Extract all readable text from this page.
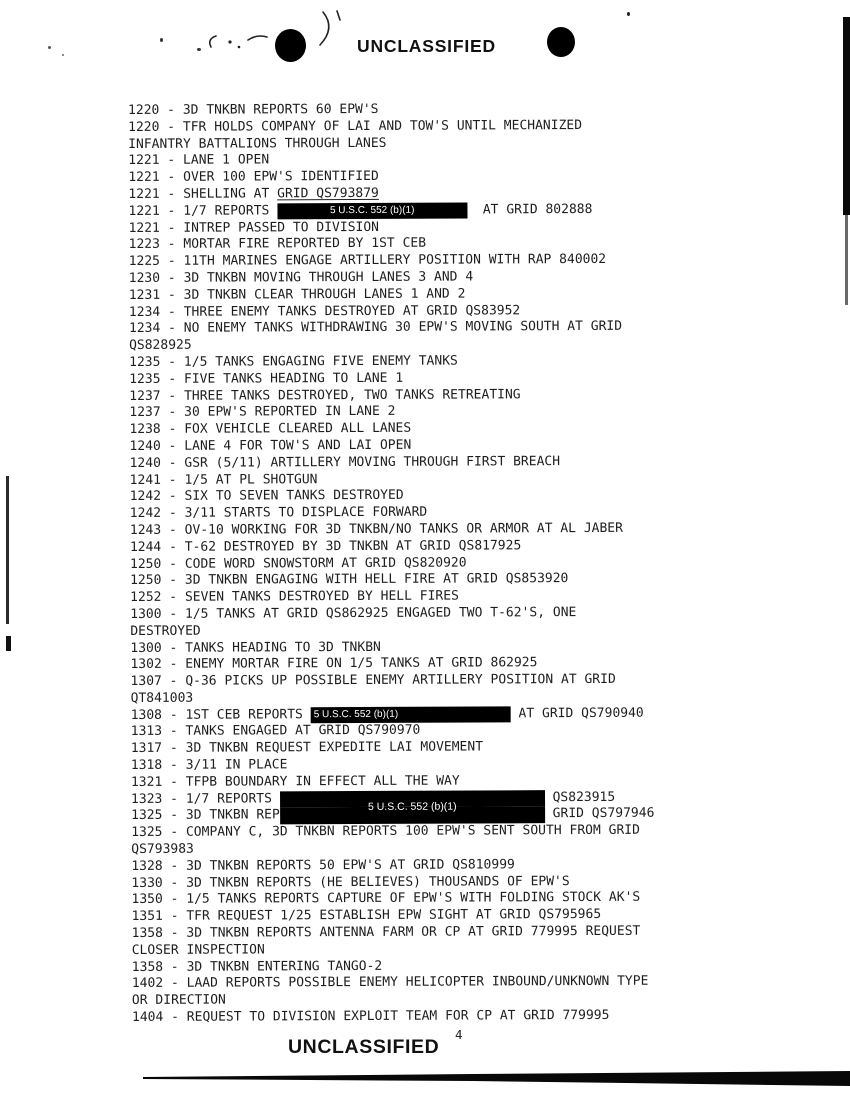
UNCLASSIFIED
1220 - 3D TNKBN REPORTS 60 EPW'S
1220 - TFR HOLDS COMPANY OF LAI AND TOW'S UNTIL MECHANIZED
INFANTRY BATTALIONS THROUGH LANES
1221 - LANE 1 OPEN
1221 - OVER 100 EPW'S IDENTIFIED
1221 - SHELLING AT GRID QS793879
1221 - 1/7 REPORTS	5 U.S.C. 552 (b)(1)	AT GRID 802888
1221 - INTREP PASSED TO DIVISION
1223 - MORTAR FIRE REPORTED BY 1ST CEB
1225 - 11TH MARINES ENGAGE ARTILLERY POSITION WITH RAP 840002
1230 - 3D TNKBN MOVING THROUGH LANES 3 AND 4
1231 - 3D TNKBN CLEAR THROUGH LANES 1 AND 2
1234 - THREE ENEMY TANKS DESTROYED AT GRID QS83952
1234 - NO ENEMY TANKS WITHDRAWING 30 EPW'S MOVING SOUTH AT GRID
QS828925
1235 - 1/5 TANKS ENGAGING FIVE ENEMY TANKS
1235 - FIVE TANKS HEADING TO LANE 1
1237 - THREE TANKS DESTROYED, TWO TANKS RETREATING
1237 - 30 EPW'S REPORTED IN LANE 2
1238 - FOX VEHICLE CLEARED ALL LANES
1240 - LANE 4 FOR TOW'S AND LAI OPEN
1240 - GSR (5/11) ARTILLERY MOVING THROUGH FIRST BREACH
1241 - 1/5 AT PL SHOTGUN
1242 - SIX TO SEVEN TANKS DESTROYED
1242 - 3/11 STARTS TO DISPLACE FORWARD
1243 - OV-10 WORKING FOR 3D TNKBN/NO TANKS OR ARMOR AT AL JABER
1244 - T-62 DESTROYED BY 3D TNKBN AT GRID QS817925
1250 - CODE WORD SNOWSTORM AT GRID QS820920
1250 - 3D TNKBN ENGAGING WITH HELL FIRE AT GRID QS853920
1252 - SEVEN TANKS DESTROYED BY HELL FIRES
1300 - 1/5 TANKS AT GRID QS862925 ENGAGED TWO T-62'S, ONE
DESTROYED
1300 - TANKS HEADING TO 3D TNKBN
1302 - ENEMY MORTAR FIRE ON 1/5 TANKS AT GRID 862925
1307 - Q-36 PICKS UP POSSIBLE ENEMY ARTILLERY POSITION AT GRID
QT841003
1308 - 1ST CEB REPORTS 5 U.S.C. 552 (b)(1)	AT GRID QS790940
1313 - TANKS ENGAGED AT GRID QS790970
1317 - 3D TNKBN REQUEST EXPEDITE LAI MOVEMENT
1318 - 3/11 IN PLACE
1321 - TFPB BOUNDARY IN EFFECT ALL THE WAY
1323 - 1/7 REPORTS
5 U.S.C. 552 (b)(1)
QS823915
1325 - 3D TNKBN REP	GRID QS797946
1325 - COMPANY C, 3D TNKBN REPORTS 100 EPW'S SENT SOUTH FROM GRID
QS793983
1328 - 3D TNKBN REPORTS 50 EPW'S AT GRID QS810999
1330 - 3D TNKBN REPORTS (HE BELIEVES) THOUSANDS OF EPW'S
1350 - 1/5 TANKS REPORTS CAPTURE OF EPW'S WITH FOLDING STOCK AK'S
1351 - TFR REQUEST 1/25 ESTABLISH EPW SIGHT AT GRID QS795965
1358 - 3D TNKBN REPORTS ANTENNA FARM OR CP AT GRID 779995 REQUEST
CLOSER INSPECTION
1358 - 3D TNKBN ENTERING TANGO-2
1402 - LAAD REPORTS POSSIBLE ENEMY HELICOPTER INBOUND/UNKNOWN TYPE
OR DIRECTION
1404 - REQUEST TO DIVISION EXPLOIT TEAM FOR CP AT GRID 779995
UNCLASSIFIED
4
